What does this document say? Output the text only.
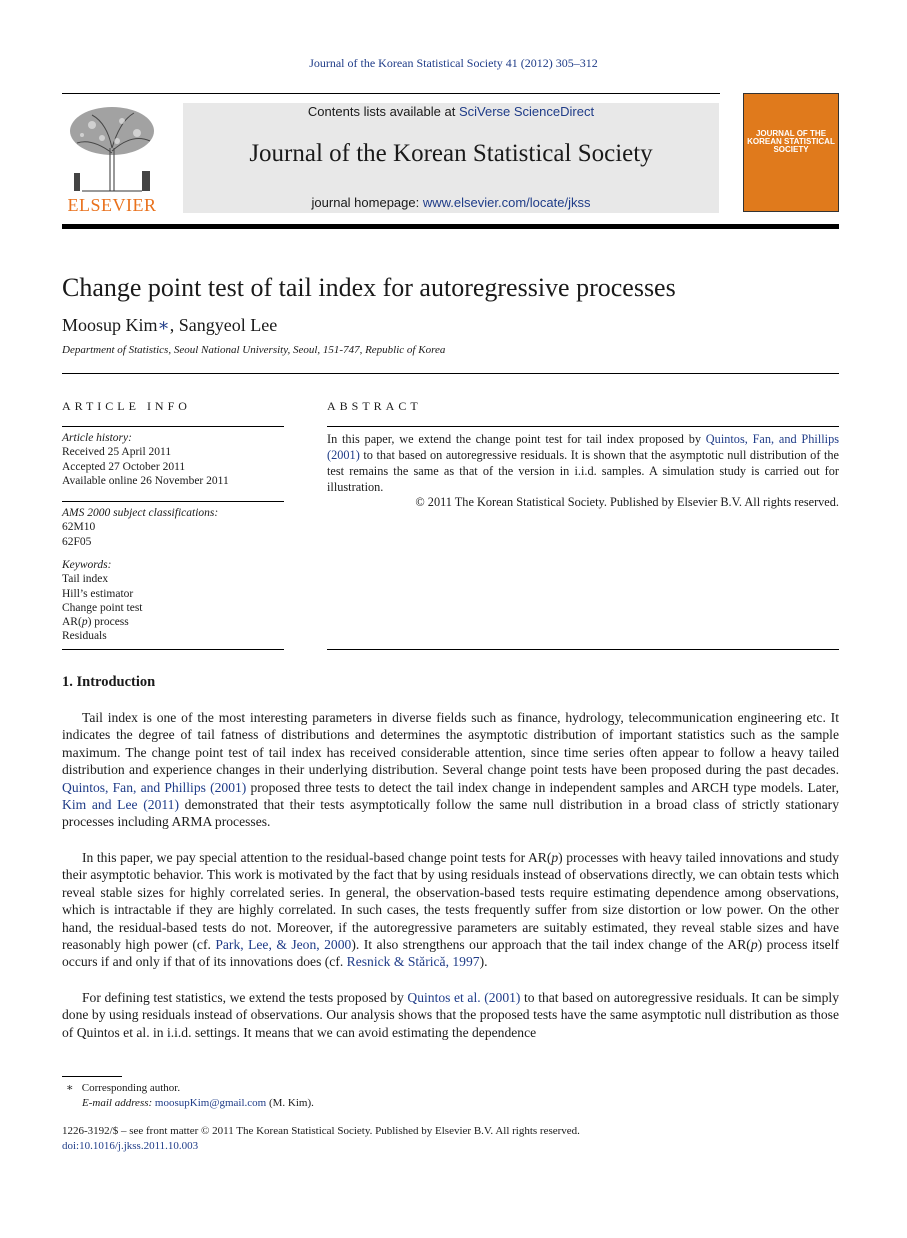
Journal of the Korean Statistical Society 41 (2012) 305–312
ELSEVIER
Contents lists available at SciVerse ScienceDirect
Journal of the Korean Statistical Society
journal homepage: www.elsevier.com/locate/jkss
JOURNAL OF THE KOREAN STATISTICAL SOCIETY
Change point test of tail index for autoregressive processes
Moosup Kim∗, Sangyeol Lee
Department of Statistics, Seoul National University, Seoul, 151-747, Republic of Korea
ARTICLE INFO	ABSTRACT
Article history:
Received 25 April 2011
Accepted 27 October 2011
Available online 26 November 2011
AMS 2000 subject classifications:
62M10
62F05
Keywords:
Tail index
Hill’s estimator
Change point test
AR(p) process
Residuals
In this paper, we extend the change point test for tail index proposed by Quintos, Fan, and Phillips (2001) to that based on autoregressive residuals. It is shown that the asymptotic null distribution of the test remains the same as that of the version in i.i.d. samples. A simulation study is carried out for illustration.
© 2011 The Korean Statistical Society. Published by Elsevier B.V. All rights reserved.
1. Introduction
Tail index is one of the most interesting parameters in diverse fields such as finance, hydrology, telecommunication engineering etc. It indicates the degree of tail fatness of distributions and determines the asymptotic distribution of important statistics such as the sample maximum. The change point test of tail index has received considerable attention, since time series often appear to follow a heavy tailed distribution and experience changes in their underlying distribution. Several change point tests have been proposed during the past decades. Quintos, Fan, and Phillips (2001) proposed three tests to detect the tail index change in independent samples and ARCH type models. Later, Kim and Lee (2011) demonstrated that their tests asymptotically follow the same null distribution in a broad class of strictly stationary processes including ARMA processes.
In this paper, we pay special attention to the residual-based change point tests for AR(p) processes with heavy tailed innovations and study their asymptotic behavior. This work is motivated by the fact that by using residuals instead of observations directly, we can obtain tests which reveal stable sizes for highly correlated series. In general, the observation-based tests require estimating dependence among observations, which is intractable if they are highly correlated. In such cases, the tests frequently suffer from size distortion or low power. On the other hand, the residual-based tests do not. Moreover, if the autoregressive parameters are suitably estimated, they reveal stable sizes and have reasonably high power (cf. Park, Lee, & Jeon, 2000). It also strengthens our approach that the tail index change of the AR(p) process itself occurs if and only if that of its innovations does (cf. Resnick & Stărică, 1997).
For defining test statistics, we extend the tests proposed by Quintos et al. (2001) to that based on autoregressive residuals. It can be simply done by using residuals instead of observations. Our analysis shows that the proposed tests have the same asymptotic null distribution as those of Quintos et al. in i.i.d. settings. It means that we can avoid estimating the dependence
∗ Corresponding author.
E-mail address: moosupKim@gmail.com (M. Kim).
1226-3192/$ – see front matter © 2011 The Korean Statistical Society. Published by Elsevier B.V. All rights reserved.
doi:10.1016/j.jkss.2011.10.003
